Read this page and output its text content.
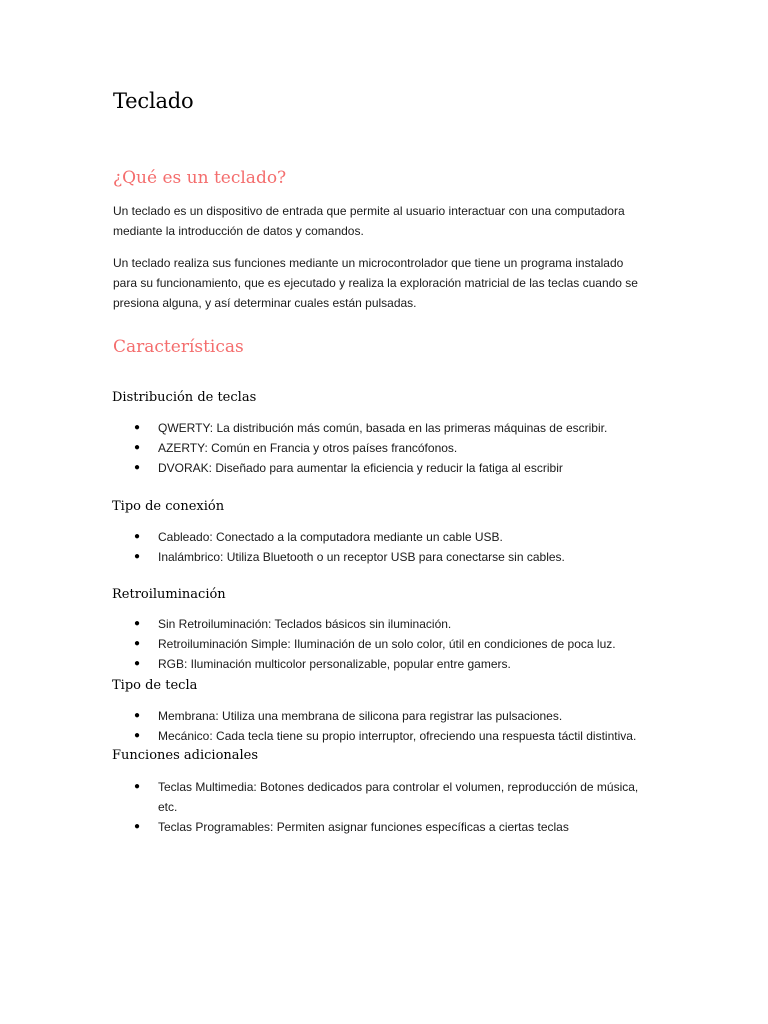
Teclado
¿Qué es un teclado?

Un teclado es un dispositivo de entrada que permite al usuario interactuar con una computadora
mediante la introducción de datos y comandos.

Un teclado realiza sus funciones mediante un microcontrolador que tiene un programa instalado
para su funcionamiento, que es ejecutado y realiza la exploración matricial de las teclas cuando se
presiona alguna, y así determinar cuales están pulsadas.

Características
Distribución de teclas
● QWERTY: La distribución más común, basada en las primeras máquinas de escribir.
● AZERTY: Común en Francia y otros países francófonos.
● DVORAK: Diseñado para aumentar la eficiencia y reducir la fatiga al escribir
Tipo de conexión
● Cableado: Conectado a la computadora mediante un cable USB.
● Inalámbrico: Utiliza Bluetooth o un receptor USB para conectarse sin cables.
Retroiluminación
● Sin Retroiluminación: Teclados básicos sin iluminación.
● Retroiluminación Simple: Iluminación de un solo color, útil en condiciones de poca luz.
● RGB: Iluminación multicolor personalizable, popular entre gamers.
Tipo de tecla
● Membrana: Utiliza una membrana de silicona para registrar las pulsaciones.
● Mecánico: Cada tecla tiene su propio interruptor, ofreciendo una respuesta táctil distintiva.
Funciones adicionales
● Teclas Multimedia: Botones dedicados para controlar el volumen, reproducción de música,
etc.
● Teclas Programables: Permiten asignar funciones específicas a ciertas teclas
